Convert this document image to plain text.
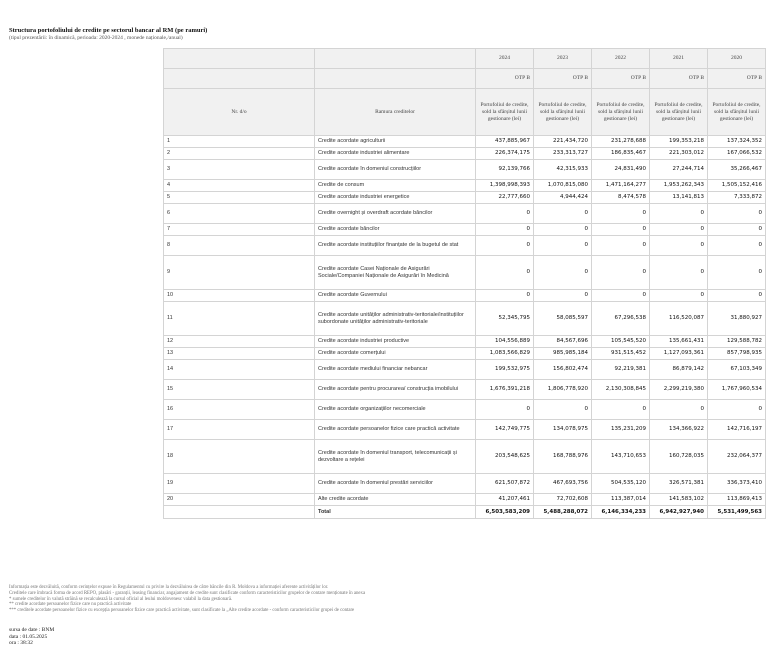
Structura portofoliului de credite pe sectorul bancar al RM (pe ramuri)
(tipul prezentării: în dinamică, perioada: 2020-2024 , monede naționale,/anual)
		2024	2023	2022	2021	2020
		OTP B	OTP B	OTP B	OTP B	OTP B
Nr. d/o	Ramura creditelor	Portofoliul de credite, sold la sfârșitul lunii gestionare (lei)	Portofoliul de credite, sold la sfârșitul lunii gestionare (lei)	Portofoliul de credite, sold la sfârșitul lunii gestionare (lei)	Portofoliul de credite, sold la sfârșitul lunii gestionare (lei)	Portofoliul de credite, sold la sfârșitul lunii gestionare (lei)
1	Credite acordate agriculturii	437,885,967	221,434,720	231,278,688	199,353,218	137,324,352
2	Credite acordate industriei alimentare	226,374,175	233,313,727	186,835,467	221,303,012	167,066,532
3	Credite acordate în domeniul construcțiilor	92,139,766	42,315,933	24,831,490	27,244,714	35,266,467
4	Credite de consum	1,398,998,393	1,070,815,080	1,471,164,277	1,953,262,343	1,505,152,416
5	Credite acordate industriei energetice	22,777,660	4,944,424	8,474,578	13,141,813	7,333,872
6	Credite overnight și overdraft acordate băncilor	0	0	0	0	0
7	Credite acordate băncilor	0	0	0	0	0
8	Credite acordate instituțiilor finanțate de la bugetul de stat	0	0	0	0	0
9	Credite acordate Casei Naționale de Asigurări Sociale/Companiei Naționale de Asigurări în Medicină	0	0	0	0	0
10	Credite acordate Guvernului	0	0	0	0	0
11	Credite acordate unităților administrativ-teritoriale/instituțiilor subordonate unităților administrativ-teritoriale	52,345,795	58,085,597	67,296,538	116,520,087	31,880,927
12	Credite acordate industriei productive	104,556,889	84,567,696	105,545,520	135,661,431	129,588,782
13	Credite acordate comerțului	1,083,566,829	985,985,184	931,515,452	1,127,093,361	857,798,935
14	Credite acordate mediului financiar nebancar	199,532,975	156,802,474	92,219,381	86,879,142	67,103,349
15	Credite acordate pentru procurarea/ construcția imobilului	1,676,391,218	1,806,778,920	2,130,308,845	2,299,219,380	1,767,960,534
16	Credite acordate organizațiilor necomerciale	0	0	0	0	0
17	Credite acordate persoanelor fizice care practică activitate	142,749,775	134,078,975	135,231,209	134,366,922	142,716,197
18	Credite acordate în domeniul transport, telecomunicații și dezvoltare a rețelei	203,548,625	168,788,976	143,710,653	160,728,035	232,064,377
19	Credite acordate în domeniul prestări serviciilor	621,507,872	467,693,756	504,535,120	326,571,381	336,373,410
20	Alte credite acordate	41,207,461	72,702,608	113,387,014	141,583,102	113,869,413
	Total	6,503,583,209	5,488,288,072	6,146,334,233	6,942,927,940	5,531,499,563
Informația este dezvăluită, conform cerințelor expuse în Regulamentul cu privire la dezvăluirea de către băncile din R. Moldova a informației aferente activităților lor.
Creditele care îmbracă forma de acord REPO, plasări - garanții, leasing financiar, angajament de credite sunt clasificate conform caracteristicilor grupelor de contare menționate în anexa
* sumele creditelor în valută străină se recalculează la cursul oficial al leului moldovenesc valabil la data gestionară.
** credite acordate persoanelor fizice care nu practică activitate
*** creditele acordate persoanelor fizice cu excepția persoanelor fizice care practică activitate, sunt clasificate la „Alte credite acordate - conform caracteristicilor grupei de contare
sursa de date : BNM
data : 01.05.2025
ora : 38:32
